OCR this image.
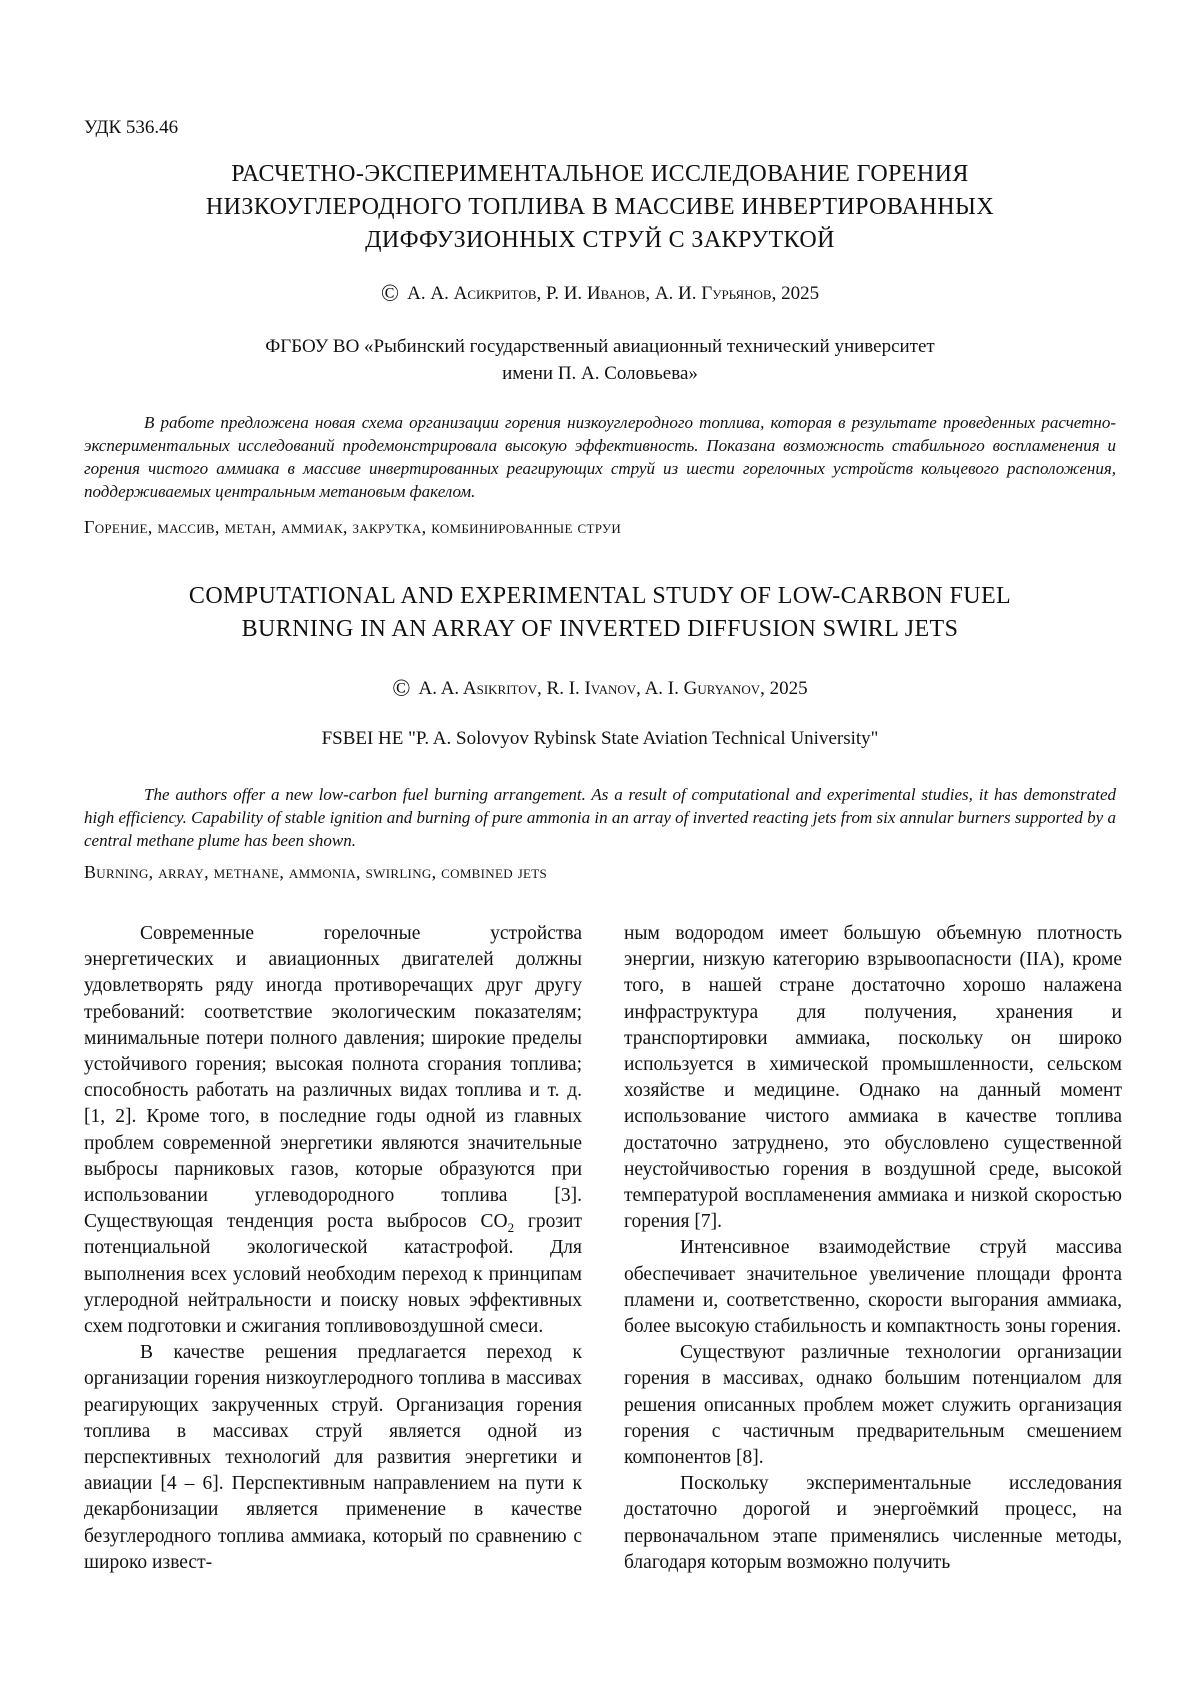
УДК 536.46
РАСЧЕТНО-ЭКСПЕРИМЕНТАЛЬНОЕ ИССЛЕДОВАНИЕ ГОРЕНИЯ
НИЗКОУГЛЕРОДНОГО ТОПЛИВА В МАССИВЕ ИНВЕРТИРОВАННЫХ
ДИФФУЗИОННЫХ СТРУЙ С ЗАКРУТКОЙ
© А. А. Асикритов, Р. И. Иванов, А. И. Гурьянов, 2025
ФГБОУ ВО «Рыбинский государственный авиационный технический университет
имени П. А. Соловьева»

В работе предложена новая схема организации горения низкоуглеродного топлива, которая в результате проведенных расчетно-экспериментальных исследований продемонстрировала высокую эффективность. Показана возможность стабильного воспламенения и горения чистого аммиака в массиве инвертированных реагирующих струй из шести горелочных устройств кольцевого расположения, поддерживаемых центральным метановым факелом.

Горение, массив, метан, аммиак, закрутка, комбинированные струи

COMPUTATIONAL AND EXPERIMENTAL STUDY OF LOW-CARBON FUEL
BURNING IN AN ARRAY OF INVERTED DIFFUSION SWIRL JETS
© A. A. Asikritov, R. I. Ivanov, A. I. Guryanov, 2025
FSBEI HE "P. A. Solovyov Rybinsk State Aviation Technical University"

The authors offer a new low-carbon fuel burning arrangement. As a result of computational and experimental studies, it has demonstrated high efficiency. Capability of stable ignition and burning of pure ammonia in an array of inverted reacting jets from six annular burners supported by a central methane plume has been shown.

Burning, array, methane, ammonia, swirling, combined jets

Современные горелочные устройства энергетических и авиационных двигателей должны удовлетворять ряду иногда противоречащих друг другу требований: соответствие экологическим показателям; минимальные потери полного давления; широкие пределы устойчивого горения; высокая полнота сгорания топлива; способность работать на различных видах топлива и т. д. [1, 2]. Кроме того, в последние годы одной из главных проблем современной энергетики являются значительные выбросы парниковых газов, которые образуются при использовании углеводородного топлива [3]. Существующая тенденция роста выбросов $CO_2$ грозит потенциальной экологической катастрофой. Для выполнения всех условий необходим переход к принципам углеродной нейтральности и поиску новых эффективных схем подготовки и сжигания топливовоздушной смеси.

В качестве решения предлагается переход к организации горения низкоуглеродного топлива в массивах реагирующих закрученных струй. Организация горения топлива в массивах струй является одной из перспективных технологий для развития энергетики и авиации [4 – 6]. Перспективным направлением на пути к декарбонизации является применение в качестве безуглеродного топлива аммиака, который по сравнению с широко извест-

ным водородом имеет большую объемную плотность энергии, низкую категорию взрывоопасности (IIA), кроме того, в нашей стране достаточно хорошо налажена инфраструктура для получения, хранения и транспортировки аммиака, поскольку он широко используется в химической промышленности, сельском хозяйстве и медицине. Однако на данный момент использование чистого аммиака в качестве топлива достаточно затруднено, это обусловлено существенной неустойчивостью горения в воздушной среде, высокой температурой воспламенения аммиака и низкой скоростью горения [7].

Интенсивное взаимодействие струй массива обеспечивает значительное увеличение площади фронта пламени и, соответственно, скорости выгорания аммиака, более высокую стабильность и компактность зоны горения.

Существуют различные технологии организации горения в массивах, однако большим потенциалом для решения описанных проблем может служить организация горения с частичным предварительным смешением компонентов [8].

Поскольку экспериментальные исследования достаточно дорогой и энергоёмкий процесс, на первоначальном этапе применялись численные методы, благодаря которым возможно получить
